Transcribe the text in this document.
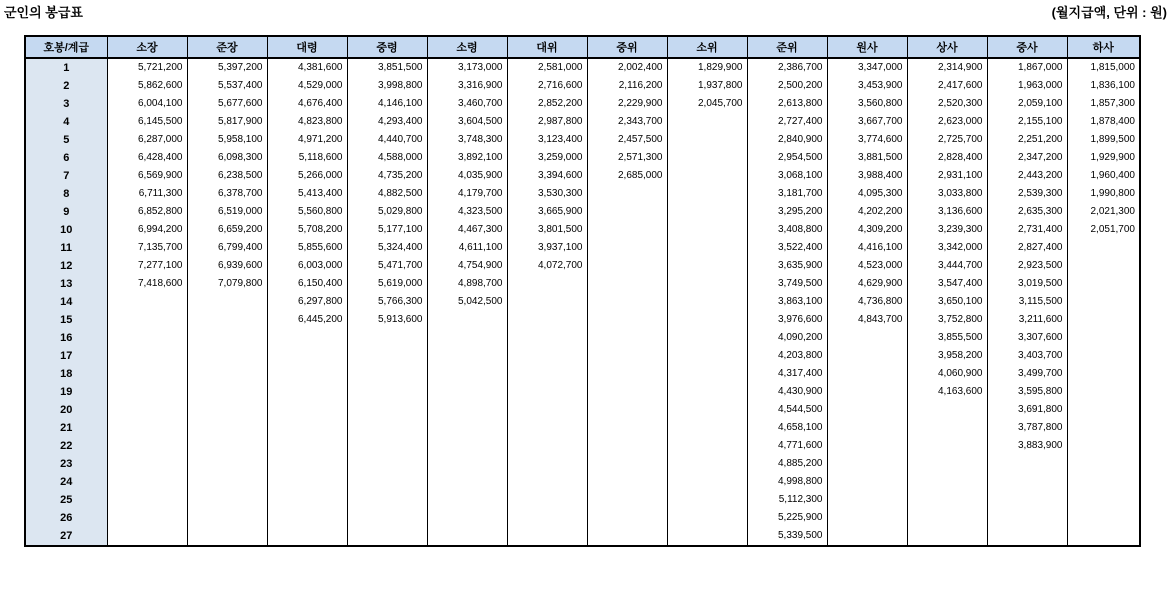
군인의 봉급표	(월지급액, 단위 : 원)
호봉/계급	소장	준장	대령	중령	소령	대위	중위	소위	준위	원사	상사	중사	하사
1	5,721,200	5,397,200	4,381,600	3,851,500	3,173,000	2,581,000	2,002,400	1,829,900	2,386,700	3,347,000	2,314,900	1,867,000	1,815,000
2	5,862,600	5,537,400	4,529,000	3,998,800	3,316,900	2,716,600	2,116,200	1,937,800	2,500,200	3,453,900	2,417,600	1,963,000	1,836,100
3	6,004,100	5,677,600	4,676,400	4,146,100	3,460,700	2,852,200	2,229,900	2,045,700	2,613,800	3,560,800	2,520,300	2,059,100	1,857,300
4	6,145,500	5,817,900	4,823,800	4,293,400	3,604,500	2,987,800	2,343,700		2,727,400	3,667,700	2,623,000	2,155,100	1,878,400
5	6,287,000	5,958,100	4,971,200	4,440,700	3,748,300	3,123,400	2,457,500		2,840,900	3,774,600	2,725,700	2,251,200	1,899,500
6	6,428,400	6,098,300	5,118,600	4,588,000	3,892,100	3,259,000	2,571,300		2,954,500	3,881,500	2,828,400	2,347,200	1,929,900
7	6,569,900	6,238,500	5,266,000	4,735,200	4,035,900	3,394,600	2,685,000		3,068,100	3,988,400	2,931,100	2,443,200	1,960,400
8	6,711,300	6,378,700	5,413,400	4,882,500	4,179,700	3,530,300			3,181,700	4,095,300	3,033,800	2,539,300	1,990,800
9	6,852,800	6,519,000	5,560,800	5,029,800	4,323,500	3,665,900			3,295,200	4,202,200	3,136,600	2,635,300	2,021,300
10	6,994,200	6,659,200	5,708,200	5,177,100	4,467,300	3,801,500			3,408,800	4,309,200	3,239,300	2,731,400	2,051,700
11	7,135,700	6,799,400	5,855,600	5,324,400	4,611,100	3,937,100			3,522,400	4,416,100	3,342,000	2,827,400	
12	7,277,100	6,939,600	6,003,000	5,471,700	4,754,900	4,072,700			3,635,900	4,523,000	3,444,700	2,923,500	
13	7,418,600	7,079,800	6,150,400	5,619,000	4,898,700				3,749,500	4,629,900	3,547,400	3,019,500	
14			6,297,800	5,766,300	5,042,500				3,863,100	4,736,800	3,650,100	3,115,500	
15			6,445,200	5,913,600					3,976,600	4,843,700	3,752,800	3,211,600	
16									4,090,200		3,855,500	3,307,600	
17									4,203,800		3,958,200	3,403,700	
18									4,317,400		4,060,900	3,499,700	
19									4,430,900		4,163,600	3,595,800	
20									4,544,500			3,691,800	
21									4,658,100			3,787,800	
22									4,771,600			3,883,900	
23									4,885,200				
24									4,998,800				
25									5,112,300				
26									5,225,900				
27									5,339,500				
